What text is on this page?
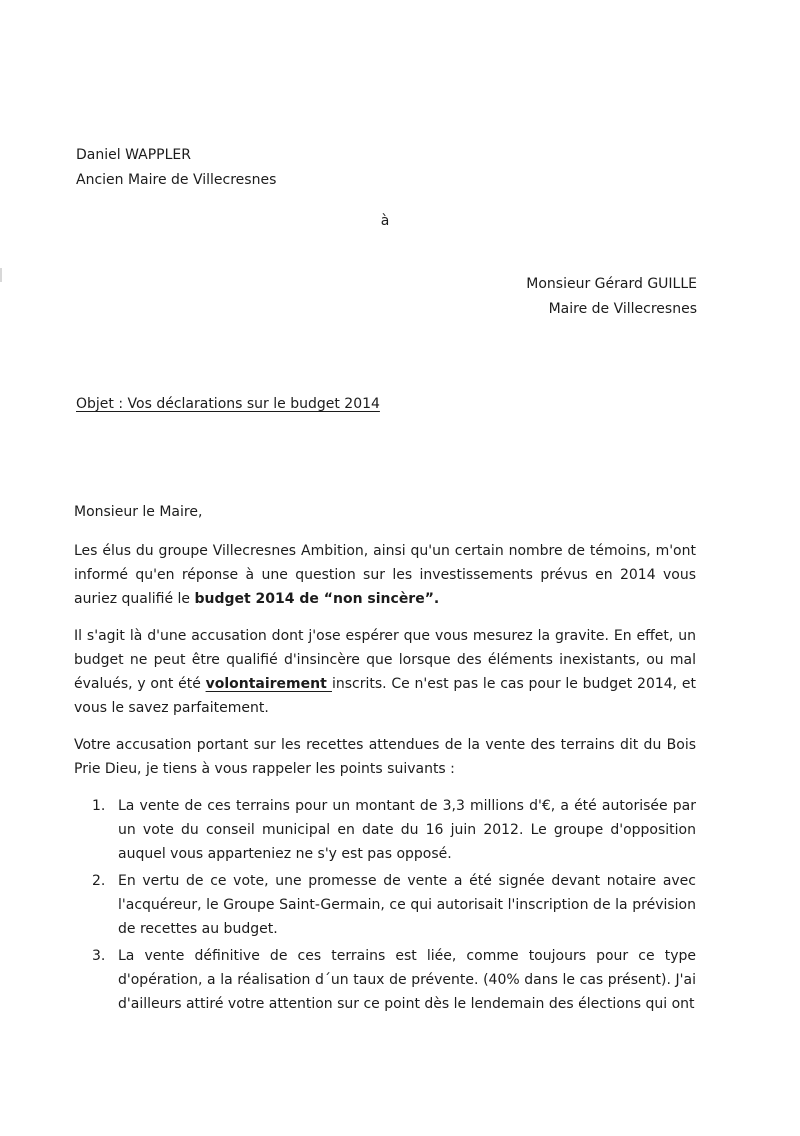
Daniel WAPPLER
Ancien Maire de Villecresnes
à
Monsieur Gérard GUILLE
Maire de Villecresnes
Objet : Vos déclarations sur le budget 2014

Monsieur le Maire,

Les élus du groupe Villecresnes Ambition, ainsi qu'un certain nombre de témoins, m'ont informé qu'en réponse à une question sur les investissements prévus en 2014 vous auriez qualifié le budget 2014 de “non sincère”.

Il s'agit là d'une accusation dont j'ose espérer que vous mesurez la gravite. En effet, un budget ne peut être qualifié d'insincère que lorsque des éléments inexistants, ou mal évalués, y ont été volontairement inscrits. Ce n'est pas le cas pour le budget 2014, et vous le savez parfaitement.

Votre accusation portant sur les recettes attendues de la vente des terrains dit du Bois Prie Dieu, je tiens à vous rappeler les points suivants :

1. La vente de ces terrains pour un montant de 3,3 millions d'€, a été autorisée par un vote du conseil municipal en date du 16 juin 2012. Le groupe d'opposition auquel vous apparteniez ne s'y est pas opposé.
2. En vertu de ce vote, une promesse de vente a été signée devant notaire avec l'acquéreur, le Groupe Saint-Germain, ce qui autorisait l'inscription de la prévision de recettes au budget.
3. La vente définitive de ces terrains est liée, comme toujours pour ce type d'opération, a la réalisation d´un taux de prévente. (40% dans le cas présent). J'ai d'ailleurs attiré votre attention sur ce point dès le lendemain des élections qui ont
